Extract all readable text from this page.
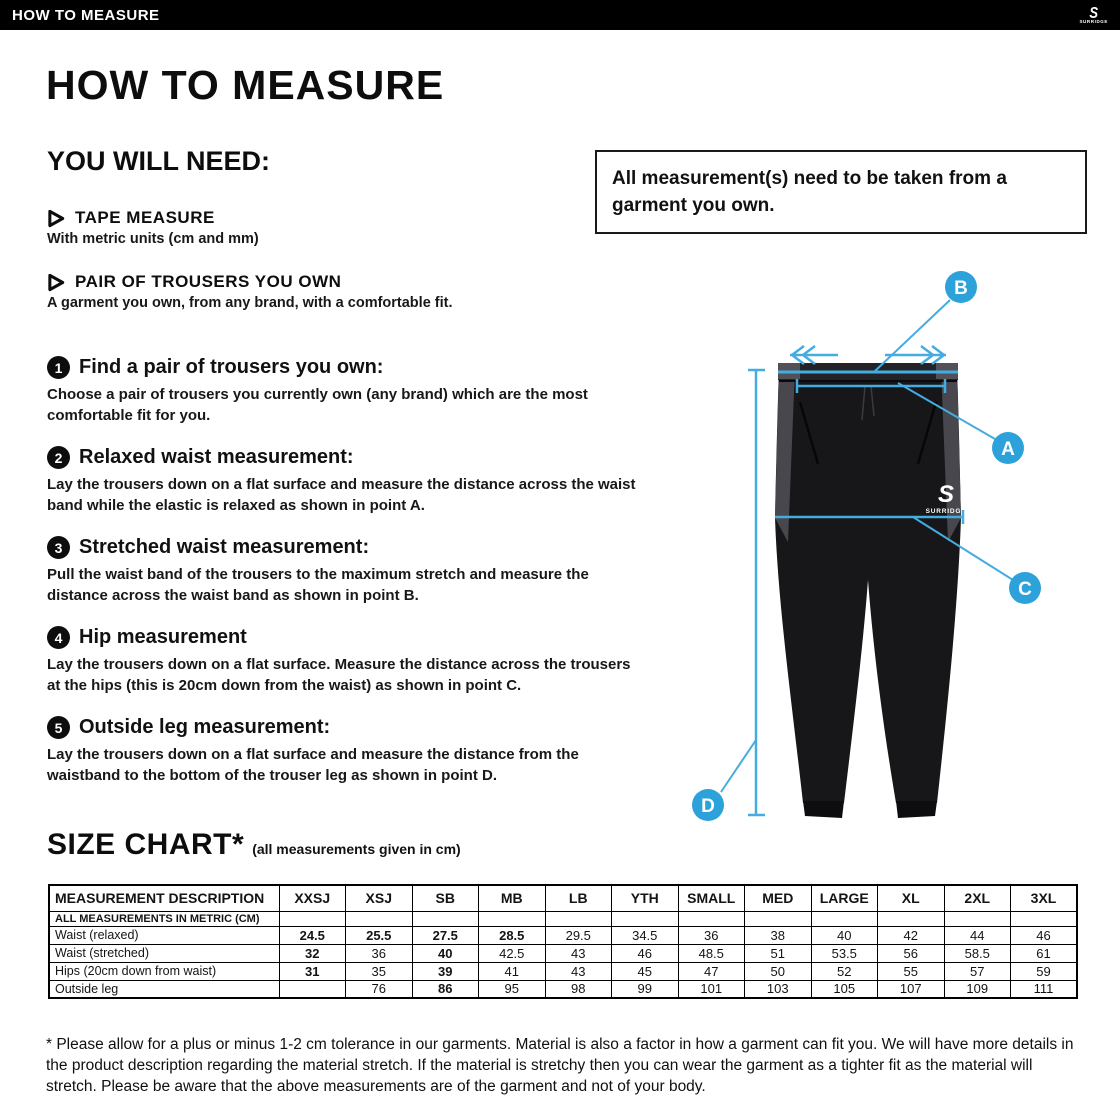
HOW TO MEASURE	S
SURRIDGE
HOW TO MEASURE
YOU WILL NEED:
All measurement(s) need to be taken from a garment you own.
TAPE MEASURE
With metric units (cm and mm)
PAIR OF TROUSERS YOU OWN
A garment you own, from any brand, with a comfortable fit.
1 Find a pair of trousers you own:
Choose a pair of trousers you currently own (any brand) which are the most comfortable fit for you.
2 Relaxed waist measurement:
Lay the trousers down on a flat surface and measure the distance across the waist band while the elastic is relaxed as shown in point A.
3 Stretched waist measurement:
Pull the waist band of the trousers to the maximum stretch and measure the distance across the waist band as shown in point B.
4 Hip measurement
Lay the trousers down on a flat surface. Measure the distance across the trousers at the hips (this is 20cm down from the waist) as shown in point C.
5 Outside leg measurement:
Lay the trousers down on a flat surface and measure the distance from the waistband to the bottom of the trouser leg as shown in point D.
S
SURRIDGE
B
A
C
D
SIZE CHART* (all measurements given in cm)
MEASUREMENT DESCRIPTION	XXSJ	XSJ	SB	MB	LB	YTH	SMALL	MED	LARGE	XL	2XL	3XL
ALL MEASUREMENTS IN METRIC (CM)												
Waist (relaxed)	24.5	25.5	27.5	28.5	29.5	34.5	36	38	40	42	44	46
Waist (stretched)	32	36	40	42.5	43	46	48.5	51	53.5	56	58.5	61
Hips (20cm down from waist)	31	35	39	41	43	45	47	50	52	55	57	59
Outside leg		76	86	95	98	99	101	103	105	107	109	111

* Please allow for a plus or minus 1-2 cm tolerance in our garments. Material is also a factor in how a garment can fit you. We will have more details in the product description regarding the material stretch. If the material is stretchy then you can wear the garment as a tighter fit as the material will stretch. Please be aware that the above measurements are of the garment and not of your body.
